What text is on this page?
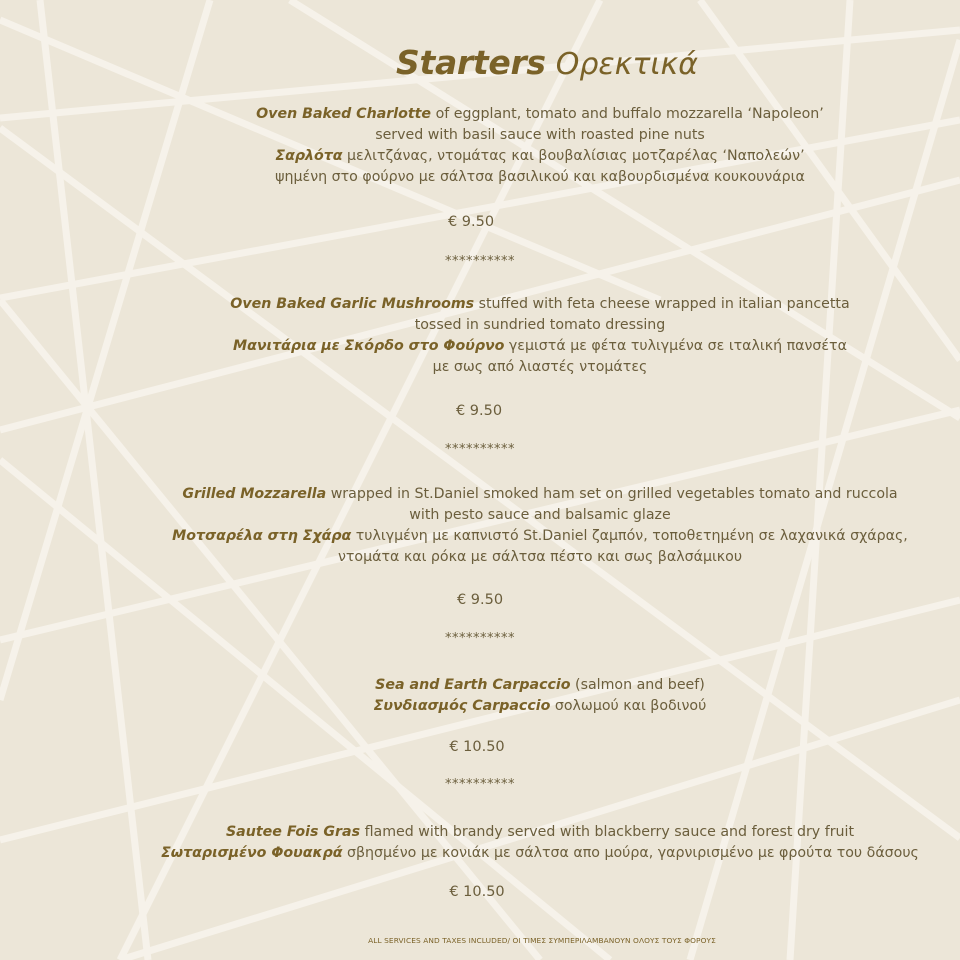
Starters Ορεκτικά
Oven Baked Charlotte of eggplant, tomato and buffalo mozzarella ‘Napoleon’
served with basil sauce with roasted pine nuts
Σαρλότα μελιτζάνας, ντομάτας και βουβαλίσιας μοτζαρέλας ‘Ναπολεών’
ψημένη στο φούρνο με σάλτσα βασιλικού και καβουρδισμένα κουκουνάρια
€ 9.50
**********
Oven Baked Garlic Mushrooms stuffed with feta cheese wrapped in italian pancetta
tossed in sundried tomato dressing
Μανιτάρια με Σκόρδο στο Φούρνο γεμιστά με φέτα τυλιγμένα σε ιταλική πανσέτα
με σως από λιαστές ντομάτες
€ 9.50
**********
Grilled Mozzarella wrapped in St.Daniel smoked ham set on grilled vegetables tomato and ruccola
with pesto sauce and balsamic glaze
Μοτσαρέλα στη Σχάρα τυλιγμένη με καπνιστό St.Daniel ζαμπόν, τοποθετημένη σε λαχανικά σχάρας,
ντομάτα και ρόκα με σάλτσα πέστο και σως βαλσάμικου
€ 9.50
**********
Sea and Earth Carpaccio (salmon and beef)
Συνδιασμός Carpaccio σολωμού και βοδινού
€ 10.50
**********
Sautee Fois Gras flamed with brandy served with blackberry sauce and forest dry fruit
Σωταρισμένο Φουακρά σβησμένο με κονιάκ με σάλτσα απο μούρα, γαρνιρισμένο με φρούτα του δάσους
€ 10.50
ALL SERVICES AND TAXES INCLUDED/ ΟΙ ΤΙΜΕΣ ΣΥΜΠΕΡΙΛΑΜΒΑΝΟΥΝ ΟΛΟΥΣ ΤΟΥΣ ΦΟΡΟΥΣ
